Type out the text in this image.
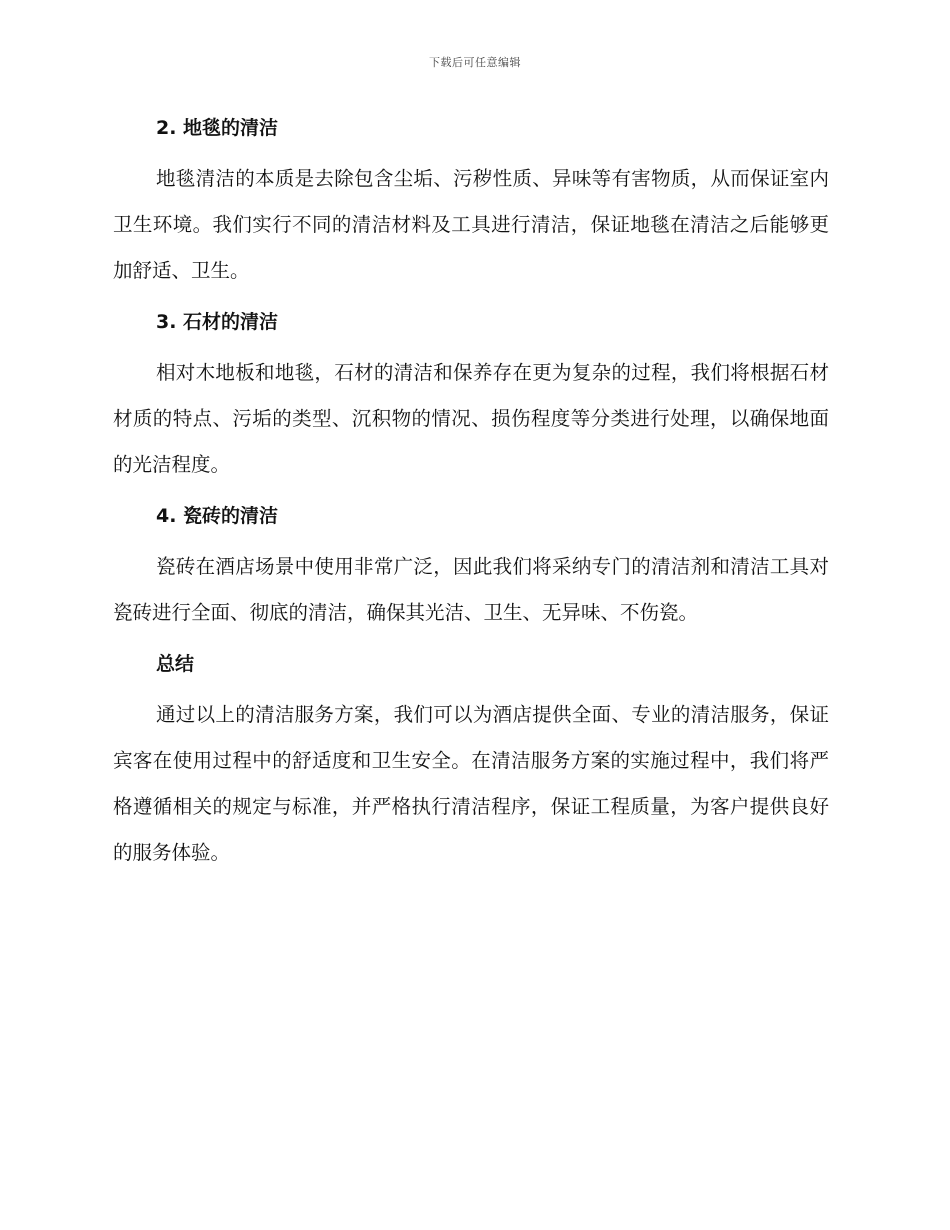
下载后可任意编辑
2. 地毯的清洁

地毯清洁的本质是去除包含尘垢、污秽性质、异味等有害物质，从而保证室内卫生环境。我们实行不同的清洁材料及工具进行清洁，保证地毯在清洁之后能够更加舒适、卫生。

3. 石材的清洁

相对木地板和地毯，石材的清洁和保养存在更为复杂的过程，我们将根据石材材质的特点、污垢的类型、沉积物的情况、损伤程度等分类进行处理，以确保地面的光洁程度。

4. 瓷砖的清洁

瓷砖在酒店场景中使用非常广泛，因此我们将采纳专门的清洁剂和清洁工具对瓷砖进行全面、彻底的清洁，确保其光洁、卫生、无异味、不伤瓷。

总结

通过以上的清洁服务方案，我们可以为酒店提供全面、专业的清洁服务，保证宾客在使用过程中的舒适度和卫生安全。在清洁服务方案的实施过程中，我们将严格遵循相关的规定与标准，并严格执行清洁程序，保证工程质量，为客户提供良好的服务体验。
